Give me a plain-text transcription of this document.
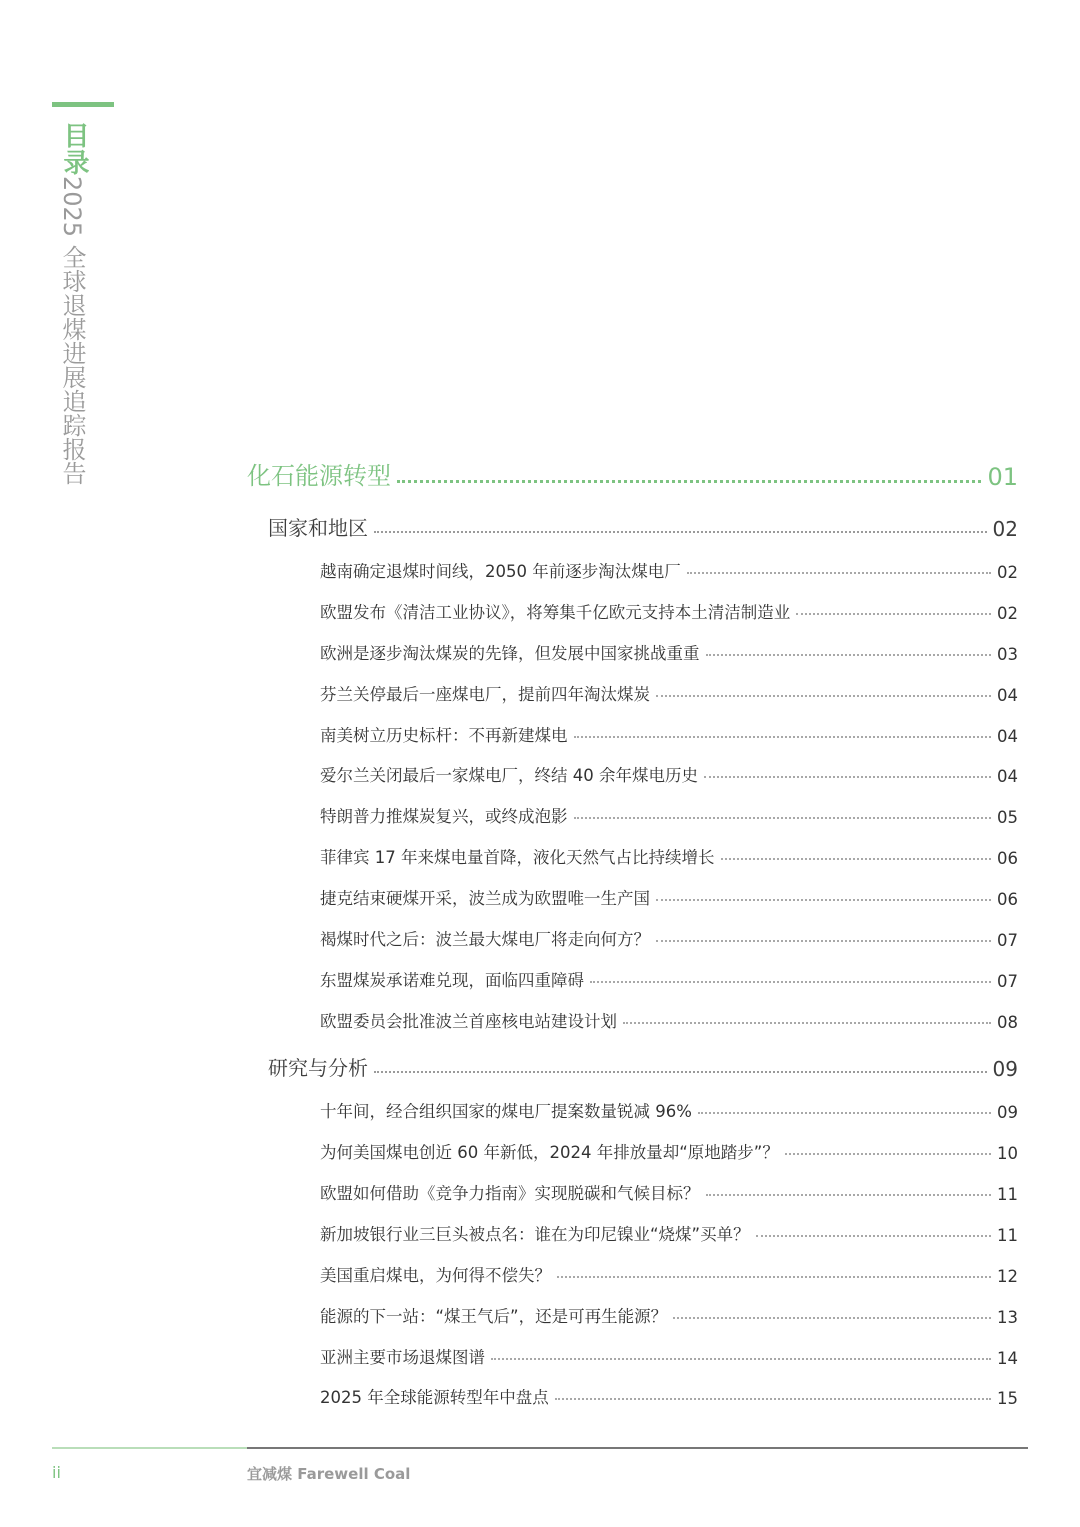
目录
2025 全球退煤进展追踪报告	化石能源转型	01
国家和地区	02
越南确定退煤时间线，2050 年前逐步淘汰煤电厂	02
欧盟发布《清洁工业协议》，将筹集千亿欧元支持本土清洁制造业	02
欧洲是逐步淘汰煤炭的先锋，但发展中国家挑战重重	03
芬兰关停最后一座煤电厂，提前四年淘汰煤炭	04
南美树立历史标杆：不再新建煤电	04
爱尔兰关闭最后一家煤电厂，终结 40 余年煤电历史	04
特朗普力推煤炭复兴，或终成泡影	05
菲律宾 17 年来煤电量首降，液化天然气占比持续增长	06
捷克结束硬煤开采，波兰成为欧盟唯一生产国	06
褐煤时代之后：波兰最大煤电厂将走向何方？	07
东盟煤炭承诺难兑现，面临四重障碍	07
欧盟委员会批准波兰首座核电站建设计划	08
研究与分析	09
十年间，经合组织国家的煤电厂提案数量锐减 96%	09
为何美国煤电创近 60 年新低，2024 年排放量却“原地踏步”？	10
欧盟如何借助《竞争力指南》实现脱碳和气候目标？	11
新加坡银行业三巨头被点名：谁在为印尼镍业“烧煤”买单？	11
美国重启煤电，为何得不偿失？	12
能源的下一站：“煤王气后”，还是可再生能源？	13
亚洲主要市场退煤图谱	14
2025 年全球能源转型年中盘点	15
ii	宜减煤 Farewell Coal
